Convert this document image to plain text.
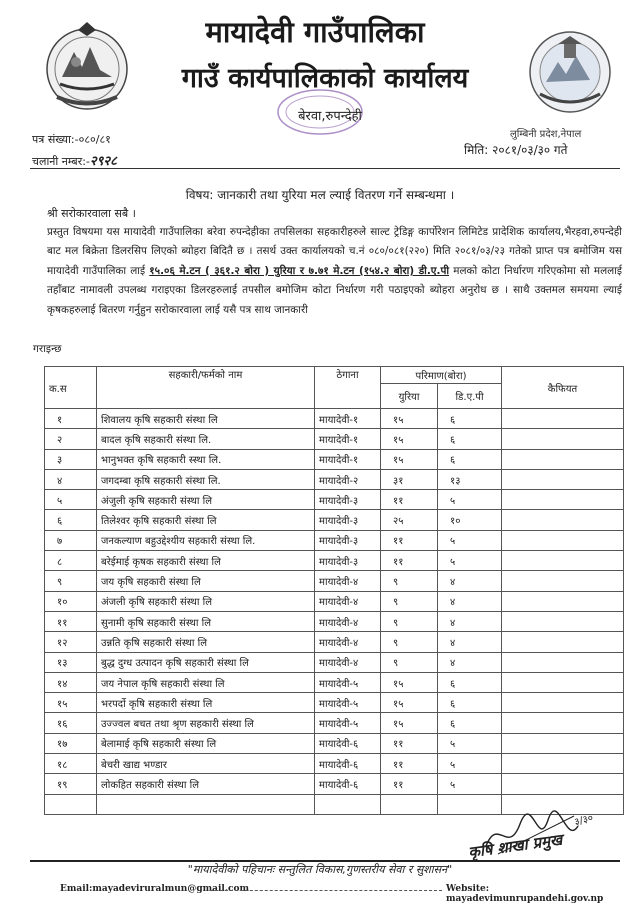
मायादेवी गाउँपालिका
गाउँ कार्यपालिकाको कार्यालय
बेरवा,रुपन्देही
लुम्बिनी प्रदेश,नेपाल
पत्र संख्या:-०८०/८१
चलानी नम्बर:-२९२८
मिति: २०८१/०३/३० गते
विषय: जानकारी तथा युरिया मल ल्याई वितरण गर्ने सम्बन्धमा ।
श्री सरोकारवाला सबै ।
प्रस्तुत विषयमा यस मायादेवी गाउँपालिका बरेवा रुपन्देहीका तपसिलका सहकारीहरुले साल्ट ट्रेडिङ्ग कार्पोरेशन लिमिटेड प्रादेशिक कार्यालय,भैरहवा,रुपन्देही बाट मल बिक्रेता डिलरसिप लिएको ब्योहरा बिदितै छ । तसर्थ उक्त कार्यालयको च.नं ०८०/०८१(२२०) मिति २०८१/०३/२३ गतेको प्राप्त पत्र बमोजिम यस मायादेवी गाउँपालिका लाई १५.०६ मे.टन ( ३६१.२ बोरा ) युरिया र ७.७१ मे.टन (१५४.२ बोरा) डी.ए.पी मलको कोटा निर्धारण गरिएकोमा सो मललाई तहाँबाट नामावली उपलब्ध गराइएका डिलरहरुलाई तपसील बमोजिम कोटा निर्धारण गरी पठाइएको ब्योहरा अनुरोध छ । साथै उक्तमल समयमा ल्याई कृषकहरुलाई बितरण गर्नुहुन सरोकारवाला लाई यसै पत्र साथ जानकारी
गराइन्छ
क.स	सहकारी/फर्मको नाम	ठेगाना	परिमाण(बोरा)		कैफियत
			युरिया	डि.ए.पी	
१	शिवालय कृषि सहकारी संस्था लि	मायादेवी-१	१५	६	
२	बादल कृषि सहकारी संस्था लि.	मायादेवी-१	१५	६	
३	भानुभक्त कृषि सहकारी स्स्था लि.	मायादेवी-१	१५	६	
४	जगदम्बा कृषि सहकारी संस्था लि.	मायादेवी-२	३१	१३	
५	अंजुली कृषि सहकारी संस्था लि	मायादेवी-३	११	५	
६	तिलेश्वर कृषि सहकारी संस्था लि	मायादेवी-३	२५	१०	
७	जनकल्याण बहुउद्देश्यीय सहकारी संस्था लि.	मायादेवी-३	११	५	
८	बरेईमाई कृषक सहकारी संस्था लि	मायादेवी-३	११	५	
९	जय कृषि सहकारी संस्था लि	मायादेवी-४	९	४	
१०	अंजली कृषि सहकारी संस्था लि	मायादेवी-४	९	४	
११	सुनामी कृषि सहकारी संस्था लि	मायादेवी-४	९	४	
१२	उन्नति कृषि सहकारी संस्था लि	मायादेवी-४	९	४	
१३	बुद्ध दुग्ध उत्पादन कृषि सहकारी संस्था लि	मायादेवी-४	९	४	
१४	जय नेपाल कृषि सहकारी संस्था लि	मायादेवी-५	१५	६	
१५	भरपर्दो कृषि सहकारी संस्था लि	मायादेवी-५	१५	६	
१६	उज्ज्वल बचत तथा श्रृण सहकारी संस्था लि	मायादेवी-५	१५	६	
१७	बेलामाई कृषि सहकारी संस्था लि	मायादेवी-६	११	५	
१८	बेचरी खाद्य भण्डार	मायादेवी-६	११	५	
१९	लोकहित सहकारी संस्था लि	मायादेवी-६	११	५	

३/३०
कृषि शाखा प्रमुख
"मायादेवीको पहिचानः सन्तुलित विकास,गुणस्तरीय सेवा र सुशासन"
Email:mayadeviruralmun@gmail.com	Website: mayadevimunrupandehi.gov.np
